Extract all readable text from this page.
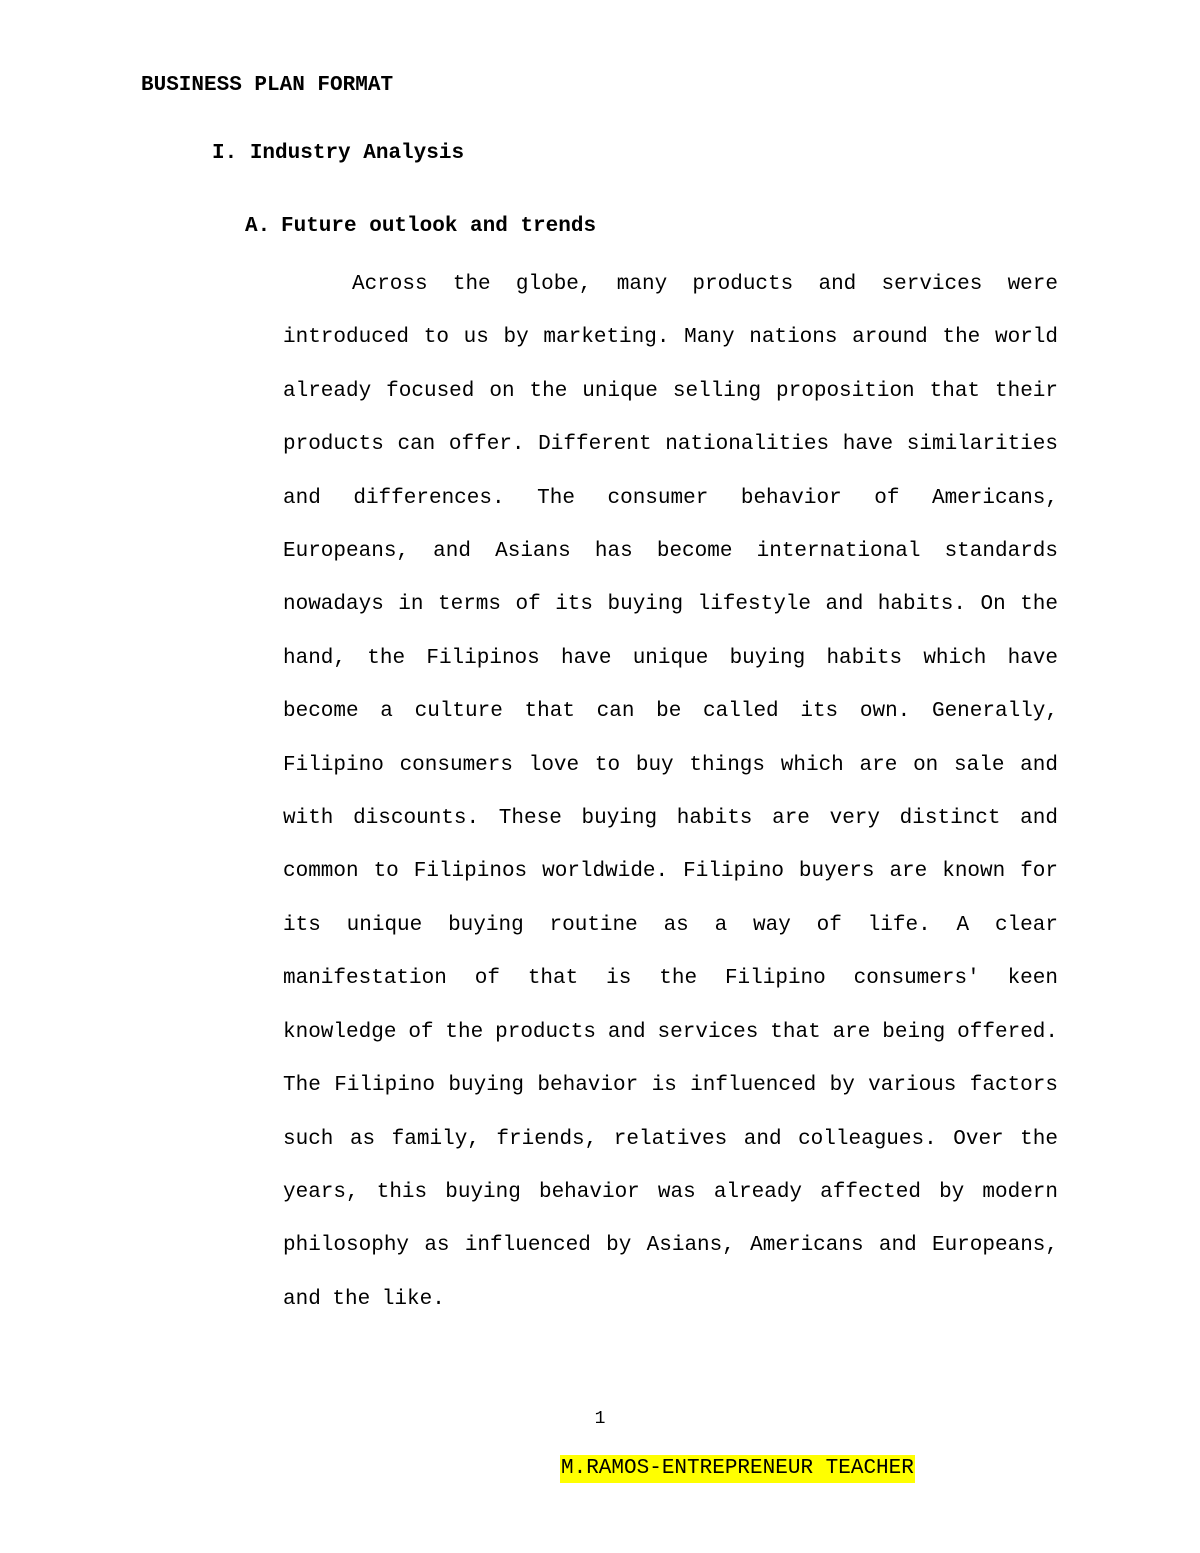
BUSINESS PLAN FORMAT
I. Industry Analysis
A. Future outlook and trends

Across the globe, many products and services were introduced to us by marketing. Many nations around the world already focused on the unique selling proposition that their products can offer. Different nationalities have similarities and differences. The consumer behavior of Americans, Europeans, and Asians has become international standards nowadays in terms of its buying lifestyle and habits. On the hand, the Filipinos have unique buying habits which have become a culture that can be called its own. Generally, Filipino consumers love to buy things which are on sale and with discounts. These buying habits are very distinct and common to Filipinos worldwide. Filipino buyers are known for its unique buying routine as a way of life. A clear manifestation of that is the Filipino consumers' keen knowledge of the products and services that are being offered. The Filipino buying behavior is influenced by various factors such as family, friends, relatives and colleagues. Over the years, this buying behavior was already affected by modern philosophy as influenced by Asians, Americans and Europeans, and the like.

1
M.RAMOS-ENTREPRENEUR TEACHER
